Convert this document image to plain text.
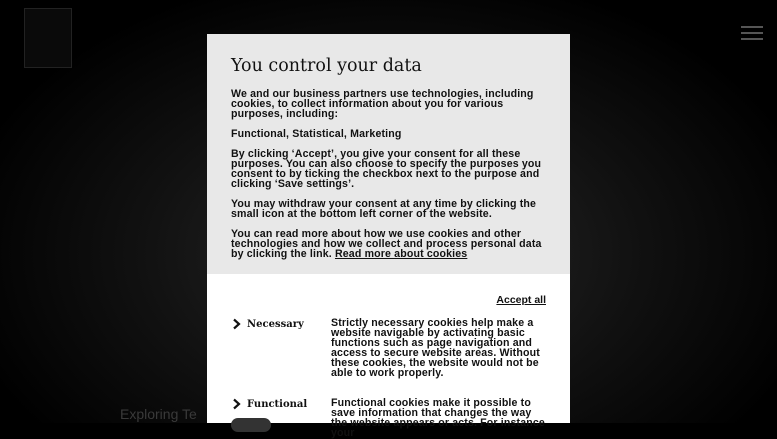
Exploring Te
You control your data

We and our business partners use technologies, including cookies, to collect information about you for various purposes, including:

Functional, Statistical, Marketing

By clicking ‘Accept’, you give your consent for all these purposes. You can also choose to specify the purposes you consent to by ticking the checkbox next to the purpose and clicking ‘Save settings’.

You may withdraw your consent at any time by clicking the small icon at the bottom left corner of the website.

You can read more about how we use cookies and other technologies and how we collect and process personal data by clicking the link. Read more about cookies

Accept all
Necessary	Strictly necessary cookies help make a website navigable by activating basic functions such as page navigation and access to secure website areas. Without these cookies, the website would not be able to work properly.
Functional Functional cookies make it possible to save information that changes the way the website appears or acts. For instance your
